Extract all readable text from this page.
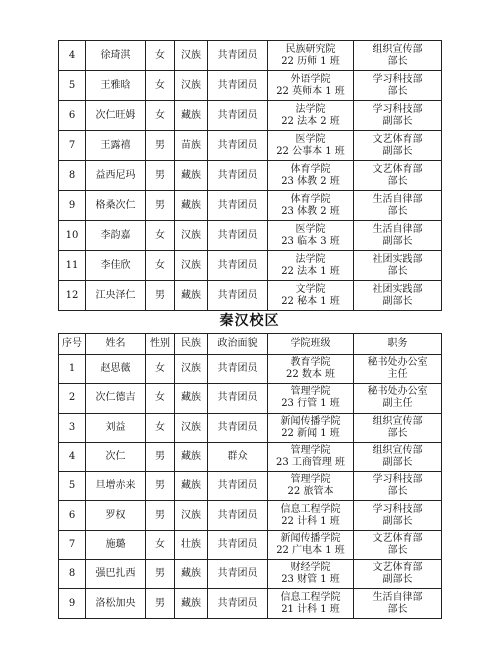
4	徐琦淇	女	汉族	共青团员	民族研究院
22 历师 1 班	组织宣传部
部长

5	王雅晗	女	汉族	共青团员	外语学院
22 英师本 1 班	学习科技部
部长

6	次仁旺姆	女	藏族	共青团员	法学院
22 法本 2 班	学习科技部
副部长

7	王露禧	男	苗族	共青团员	医学院
22 公事本 1 班	文艺体育部
副部长

8	益西尼玛	男	藏族	共青团员	体育学院
23 体教 2 班	文艺体育部
部长

9	格桑次仁	男	藏族	共青团员	体育学院
23 体教 2 班	生活自律部
部长

10	李韵嘉	女	汉族	共青团员	医学院
23 临本 3 班	生活自律部
副部长

11	李佳欣	女	汉族	共青团员	法学院
22 法本 1 班	社团实践部
部长

12	江央泽仁	男	藏族	共青团员	文学院
22 秘本 1 班	社团实践部
副部长
秦汉校区
序号	姓名	性别	民族	政治面貌	学院班级	职务
1	赵思薇	女	汉族	共青团员	教育学院
22 数本 班	秘书处办公室
主任

2	次仁德吉	女	藏族	共青团员	管理学院
23 行管 1 班	秘书处办公室
副主任

3	刘益	女	汉族	共青团员	新闻传播学院
22 新闻 1 班	组织宣传部
部长

4	次仁	男	藏族	群众	管理学院
23 工商管理 班	组织宣传部
副部长

5	旦增赤来	男	藏族	共青团员	管理学院
22 旅管本	学习科技部
部长

6	罗权	男	汉族	共青团员	信息工程学院
22 计科 1 班	学习科技部
副部长

7	施璐	女	壮族	共青团员	新闻传播学院
22 广电本 1 班	文艺体育部
部长

8	强巴扎西	男	藏族	共青团员	财经学院
23 财管 1 班	文艺体育部
副部长

9	洛松加央	男	藏族	共青团员	信息工程学院
21 计科 1 班	生活自律部
部长
